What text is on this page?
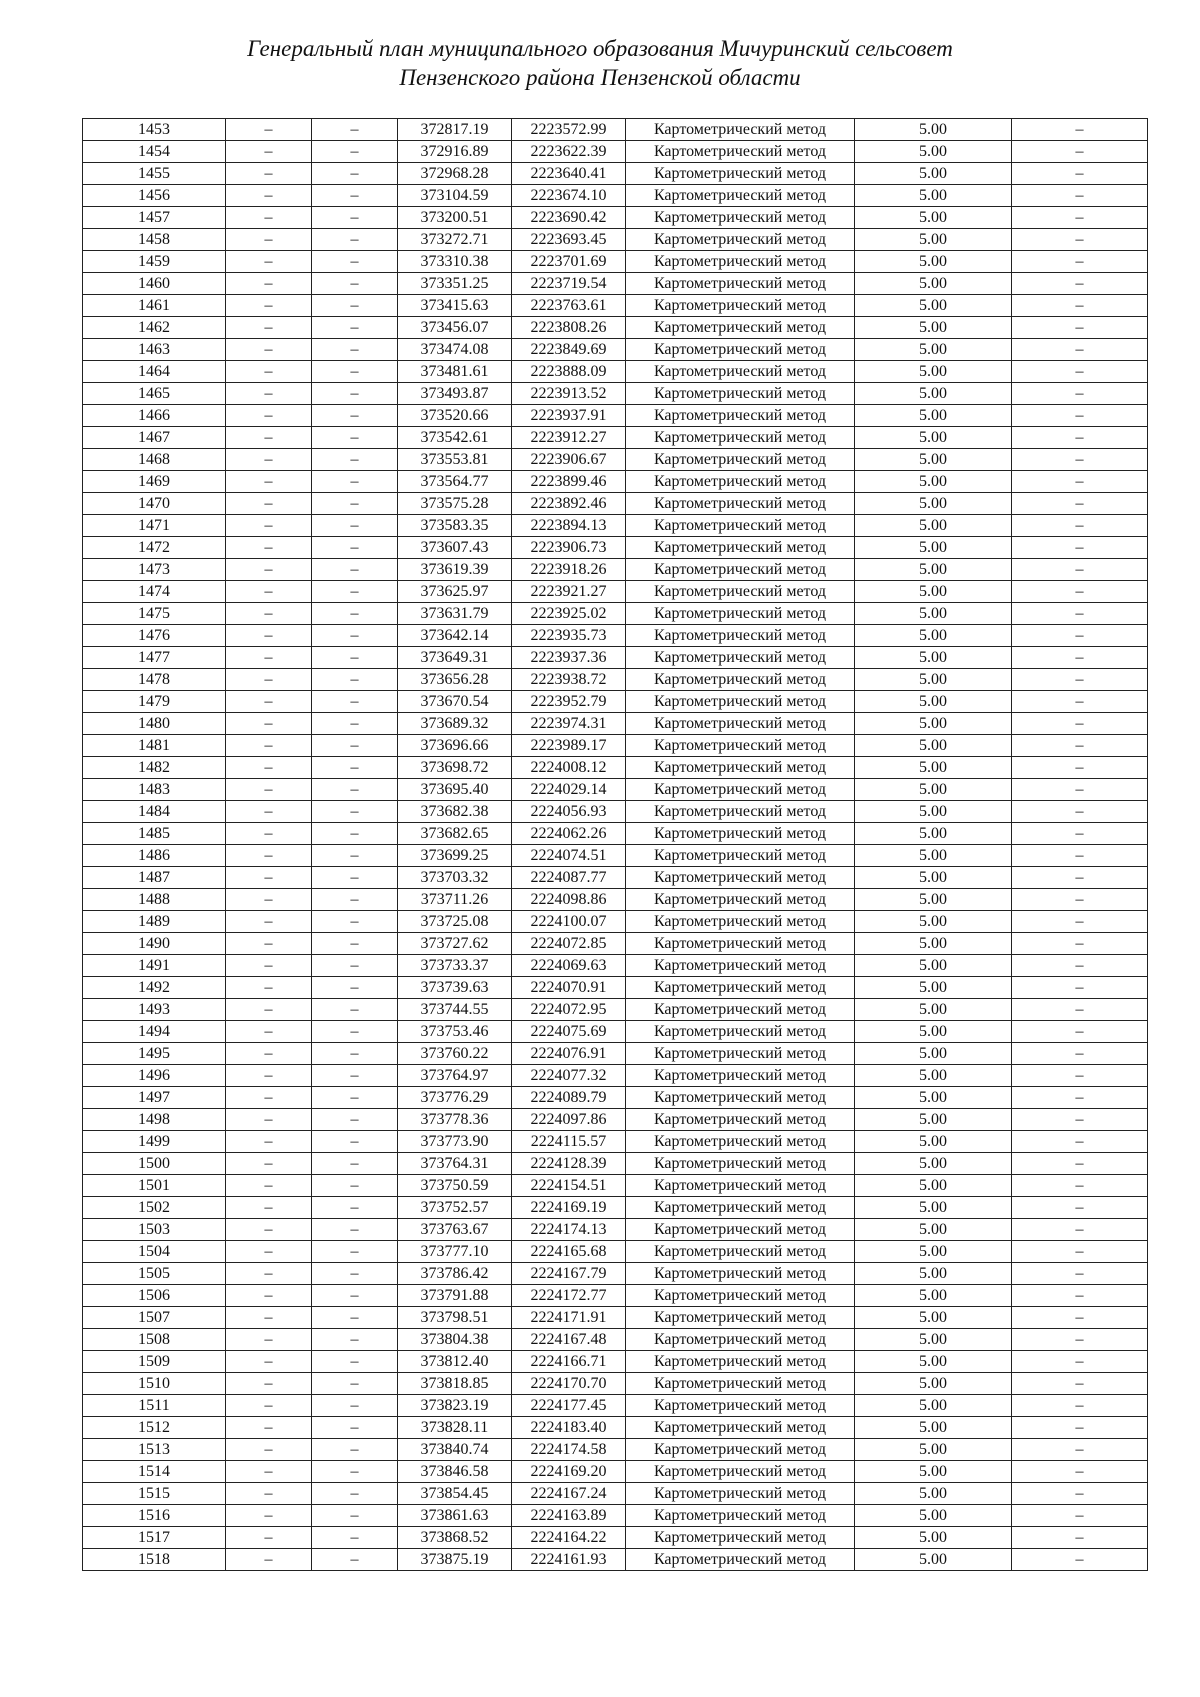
Генеральный план муниципального образования Мичуринский сельсовет
Пензенского района Пензенской области
1453	–	–	372817.19	2223572.99	Картометрический метод	5.00	–
1454	–	–	372916.89	2223622.39	Картометрический метод	5.00	–
1455	–	–	372968.28	2223640.41	Картометрический метод	5.00	–
1456	–	–	373104.59	2223674.10	Картометрический метод	5.00	–
1457	–	–	373200.51	2223690.42	Картометрический метод	5.00	–
1458	–	–	373272.71	2223693.45	Картометрический метод	5.00	–
1459	–	–	373310.38	2223701.69	Картометрический метод	5.00	–
1460	–	–	373351.25	2223719.54	Картометрический метод	5.00	–
1461	–	–	373415.63	2223763.61	Картометрический метод	5.00	–
1462	–	–	373456.07	2223808.26	Картометрический метод	5.00	–
1463	–	–	373474.08	2223849.69	Картометрический метод	5.00	–
1464	–	–	373481.61	2223888.09	Картометрический метод	5.00	–
1465	–	–	373493.87	2223913.52	Картометрический метод	5.00	–
1466	–	–	373520.66	2223937.91	Картометрический метод	5.00	–
1467	–	–	373542.61	2223912.27	Картометрический метод	5.00	–
1468	–	–	373553.81	2223906.67	Картометрический метод	5.00	–
1469	–	–	373564.77	2223899.46	Картометрический метод	5.00	–
1470	–	–	373575.28	2223892.46	Картометрический метод	5.00	–
1471	–	–	373583.35	2223894.13	Картометрический метод	5.00	–
1472	–	–	373607.43	2223906.73	Картометрический метод	5.00	–
1473	–	–	373619.39	2223918.26	Картометрический метод	5.00	–
1474	–	–	373625.97	2223921.27	Картометрический метод	5.00	–
1475	–	–	373631.79	2223925.02	Картометрический метод	5.00	–
1476	–	–	373642.14	2223935.73	Картометрический метод	5.00	–
1477	–	–	373649.31	2223937.36	Картометрический метод	5.00	–
1478	–	–	373656.28	2223938.72	Картометрический метод	5.00	–
1479	–	–	373670.54	2223952.79	Картометрический метод	5.00	–
1480	–	–	373689.32	2223974.31	Картометрический метод	5.00	–
1481	–	–	373696.66	2223989.17	Картометрический метод	5.00	–
1482	–	–	373698.72	2224008.12	Картометрический метод	5.00	–
1483	–	–	373695.40	2224029.14	Картометрический метод	5.00	–
1484	–	–	373682.38	2224056.93	Картометрический метод	5.00	–
1485	–	–	373682.65	2224062.26	Картометрический метод	5.00	–
1486	–	–	373699.25	2224074.51	Картометрический метод	5.00	–
1487	–	–	373703.32	2224087.77	Картометрический метод	5.00	–
1488	–	–	373711.26	2224098.86	Картометрический метод	5.00	–
1489	–	–	373725.08	2224100.07	Картометрический метод	5.00	–
1490	–	–	373727.62	2224072.85	Картометрический метод	5.00	–
1491	–	–	373733.37	2224069.63	Картометрический метод	5.00	–
1492	–	–	373739.63	2224070.91	Картометрический метод	5.00	–
1493	–	–	373744.55	2224072.95	Картометрический метод	5.00	–
1494	–	–	373753.46	2224075.69	Картометрический метод	5.00	–
1495	–	–	373760.22	2224076.91	Картометрический метод	5.00	–
1496	–	–	373764.97	2224077.32	Картометрический метод	5.00	–
1497	–	–	373776.29	2224089.79	Картометрический метод	5.00	–
1498	–	–	373778.36	2224097.86	Картометрический метод	5.00	–
1499	–	–	373773.90	2224115.57	Картометрический метод	5.00	–
1500	–	–	373764.31	2224128.39	Картометрический метод	5.00	–
1501	–	–	373750.59	2224154.51	Картометрический метод	5.00	–
1502	–	–	373752.57	2224169.19	Картометрический метод	5.00	–
1503	–	–	373763.67	2224174.13	Картометрический метод	5.00	–
1504	–	–	373777.10	2224165.68	Картометрический метод	5.00	–
1505	–	–	373786.42	2224167.79	Картометрический метод	5.00	–
1506	–	–	373791.88	2224172.77	Картометрический метод	5.00	–
1507	–	–	373798.51	2224171.91	Картометрический метод	5.00	–
1508	–	–	373804.38	2224167.48	Картометрический метод	5.00	–
1509	–	–	373812.40	2224166.71	Картометрический метод	5.00	–
1510	–	–	373818.85	2224170.70	Картометрический метод	5.00	–
1511	–	–	373823.19	2224177.45	Картометрический метод	5.00	–
1512	–	–	373828.11	2224183.40	Картометрический метод	5.00	–
1513	–	–	373840.74	2224174.58	Картометрический метод	5.00	–
1514	–	–	373846.58	2224169.20	Картометрический метод	5.00	–
1515	–	–	373854.45	2224167.24	Картометрический метод	5.00	–
1516	–	–	373861.63	2224163.89	Картометрический метод	5.00	–
1517	–	–	373868.52	2224164.22	Картометрический метод	5.00	–
1518	–	–	373875.19	2224161.93	Картометрический метод	5.00	–
